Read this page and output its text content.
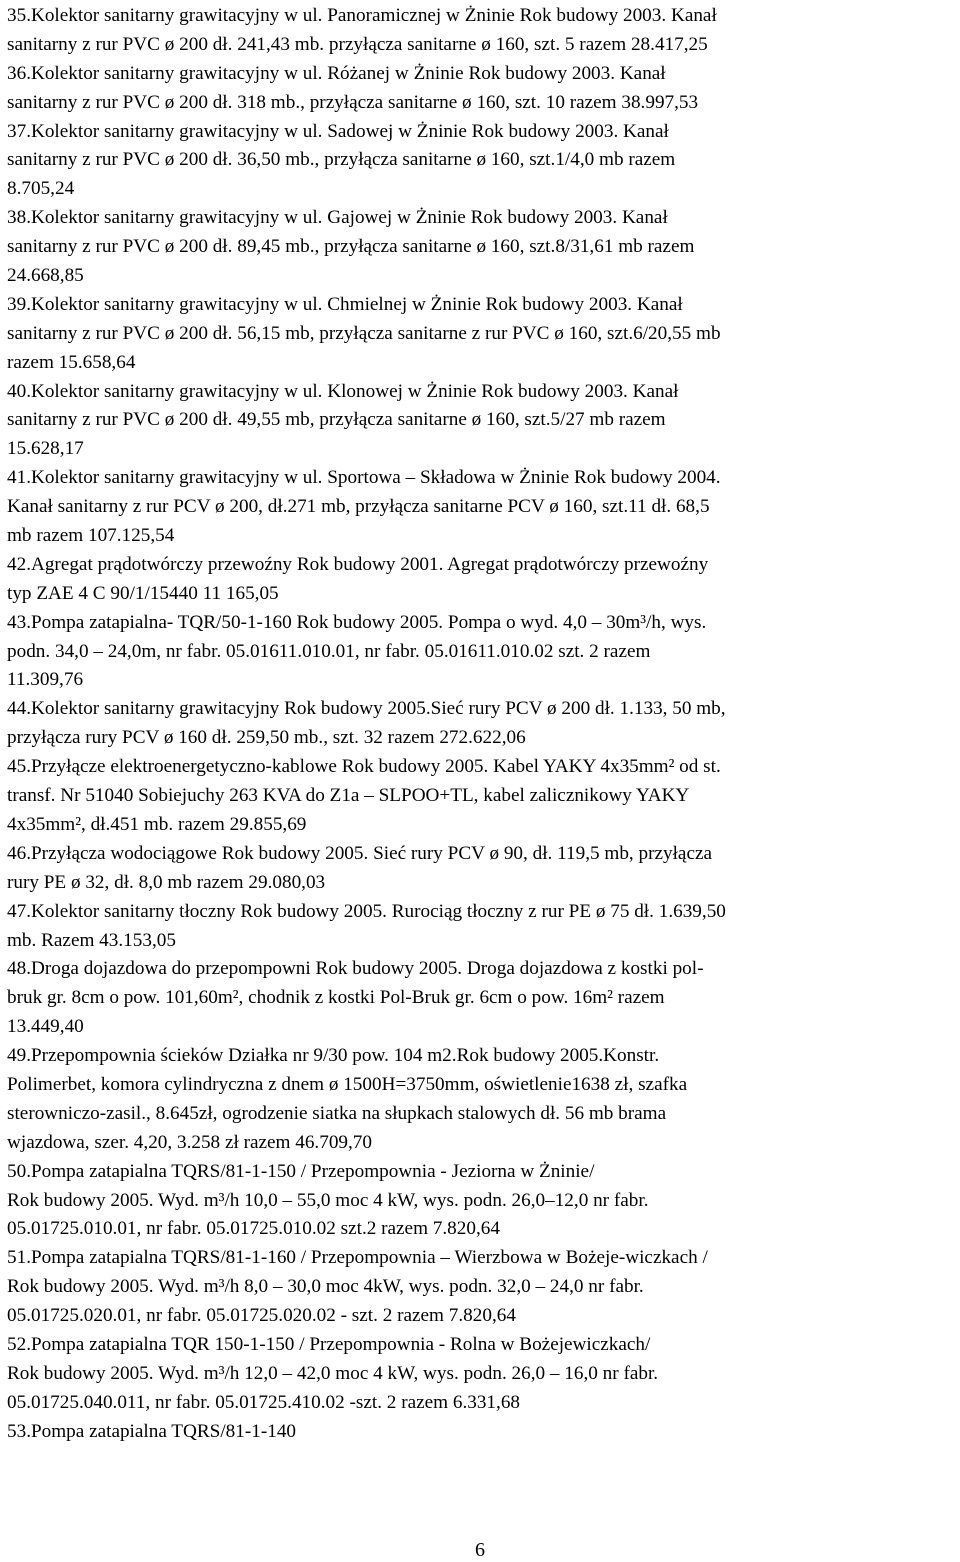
35.Kolektor sanitarny grawitacyjny w ul. Panoramicznej w Żninie Rok budowy 2003. Kanał
sanitarny z rur PVC ø 200 dł. 241,43 mb. przyłącza sanitarne ø 160, szt. 5 razem 28.417,25
36.Kolektor sanitarny grawitacyjny w ul. Różanej w Żninie Rok budowy 2003. Kanał
sanitarny z rur PVC ø 200 dł. 318 mb., przyłącza sanitarne ø 160, szt. 10 razem 38.997,53
37.Kolektor sanitarny grawitacyjny w ul. Sadowej w Żninie Rok budowy 2003. Kanał
sanitarny z rur PVC ø 200 dł. 36,50 mb., przyłącza sanitarne ø 160, szt.1/4,0 mb razem
8.705,24
38.Kolektor sanitarny grawitacyjny w ul. Gajowej w Żninie Rok budowy 2003. Kanał
sanitarny z rur PVC ø 200 dł. 89,45 mb., przyłącza sanitarne ø 160, szt.8/31,61 mb razem
24.668,85
39.Kolektor sanitarny grawitacyjny w ul. Chmielnej w Żninie Rok budowy 2003. Kanał
sanitarny z rur PVC ø 200 dł. 56,15 mb, przyłącza sanitarne z rur PVC ø 160, szt.6/20,55 mb
razem 15.658,64
40.Kolektor sanitarny grawitacyjny w ul. Klonowej w Żninie Rok budowy 2003. Kanał
sanitarny z rur PVC ø 200 dł. 49,55 mb, przyłącza sanitarne ø 160, szt.5/27 mb razem
15.628,17
41.Kolektor sanitarny grawitacyjny w ul. Sportowa – Składowa w Żninie Rok budowy 2004.
Kanał sanitarny z rur PCV ø 200, dł.271 mb, przyłącza sanitarne PCV ø 160, szt.11 dł. 68,5
mb razem 107.125,54
42.Agregat prądotwórczy przewoźny Rok budowy 2001. Agregat prądotwórczy przewoźny
typ ZAE 4 C 90/1/15440 11 165,05
43.Pompa zatapialna- TQR/50-1-160 Rok budowy 2005. Pompa o wyd. 4,0 – 30m³/h, wys.
podn. 34,0 – 24,0m, nr fabr. 05.01611.010.01, nr fabr. 05.01611.010.02 szt. 2 razem
11.309,76
44.Kolektor sanitarny grawitacyjny Rok budowy 2005.Sieć rury PCV ø 200 dł. 1.133, 50 mb,
przyłącza rury PCV ø 160 dł. 259,50 mb., szt. 32 razem 272.622,06
45.Przyłącze elektroenergetyczno-kablowe Rok budowy 2005. Kabel YAKY 4x35mm² od st.
transf. Nr 51040 Sobiejuchy 263 KVA do Z1a – SLPOO+TL, kabel zalicznikowy YAKY
4x35mm², dł.451 mb. razem 29.855,69
46.Przyłącza wodociągowe Rok budowy 2005. Sieć rury PCV ø 90, dł. 119,5 mb, przyłącza
rury PE ø 32, dł. 8,0 mb razem 29.080,03
47.Kolektor sanitarny tłoczny Rok budowy 2005. Rurociąg tłoczny z rur PE ø 75 dł. 1.639,50
mb. Razem 43.153,05
48.Droga dojazdowa do przepompowni Rok budowy 2005. Droga dojazdowa z kostki pol-
bruk gr. 8cm o pow. 101,60m², chodnik z kostki Pol-Bruk gr. 6cm o pow. 16m² razem
13.449,40
49.Przepompownia ścieków Działka nr 9/30 pow. 104 m2.Rok budowy 2005.Konstr.
Polimerbet, komora cylindryczna z dnem ø 1500H=3750mm, oświetlenie1638 zł, szafka
sterowniczo-zasil., 8.645zł, ogrodzenie siatka na słupkach stalowych dł. 56 mb brama
wjazdowa, szer. 4,20, 3.258 zł razem 46.709,70
50.Pompa zatapialna TQRS/81-1-150 / Przepompownia - Jeziorna w Żninie/
Rok budowy 2005. Wyd. m³/h 10,0 – 55,0 moc 4 kW, wys. podn. 26,0–12,0 nr fabr.
05.01725.010.01, nr fabr. 05.01725.010.02 szt.2 razem 7.820,64
51.Pompa zatapialna TQRS/81-1-160 / Przepompownia – Wierzbowa w Bożeje-wiczkach /
Rok budowy 2005. Wyd. m³/h 8,0 – 30,0 moc 4kW, wys. podn. 32,0 – 24,0 nr fabr.
05.01725.020.01, nr fabr. 05.01725.020.02 - szt. 2 razem 7.820,64
52.Pompa zatapialna TQR 150-1-150 / Przepompownia - Rolna w Bożejewiczkach/
Rok budowy 2005. Wyd. m³/h 12,0 – 42,0 moc 4 kW, wys. podn. 26,0 – 16,0 nr fabr.
05.01725.040.011, nr fabr. 05.01725.410.02 -szt. 2 razem 6.331,68
53.Pompa zatapialna TQRS/81-1-140
6
